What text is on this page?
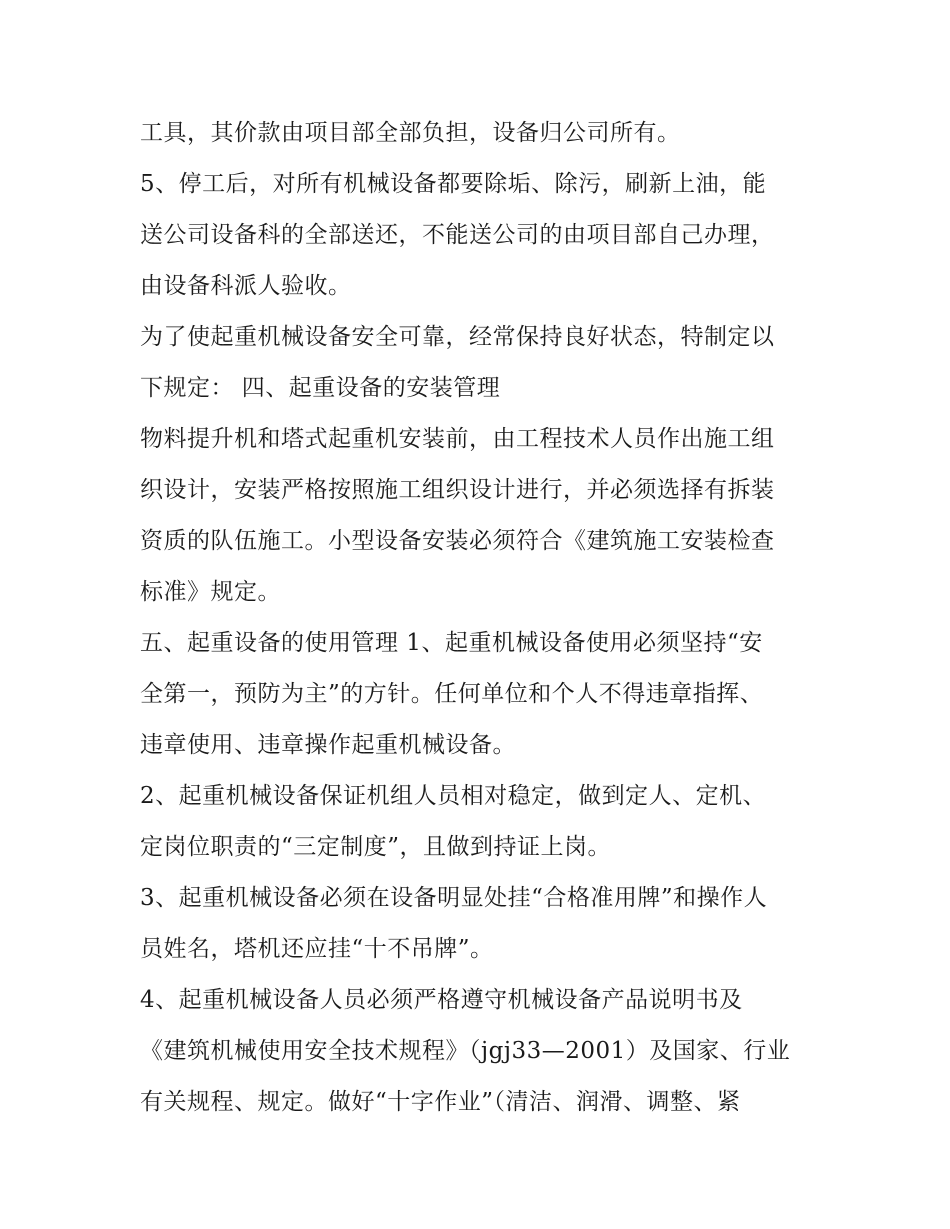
工具，其价款由项目部全部负担，设备归公司所有。
5、停工后，对所有机械设备都要除垢、除污，刷新上油，能
送公司设备科的全部送还，不能送公司的由项目部自己办理，
由设备科派人验收。
为了使起重机械设备安全可靠，经常保持良好状态，特制定以
下规定： 四、起重设备的安装管理
物料提升机和塔式起重机安装前，由工程技术人员作出施工组
织设计，安装严格按照施工组织设计进行，并必须选择有拆装
资质的队伍施工。小型设备安装必须符合《建筑施工安装检查
标准》规定。
五、起重设备的使用管理 1、起重机械设备使用必须坚持“安
全第一，预防为主”的方针。任何单位和个人不得违章指挥、
违章使用、违章操作起重机械设备。
2、起重机械设备保证机组人员相对稳定，做到定人、定机、
定岗位职责的“三定制度”，且做到持证上岗。
3、起重机械设备必须在设备明显处挂“合格准用牌”和操作人
员姓名，塔机还应挂“十不吊牌”。
4、起重机械设备人员必须严格遵守机械设备产品说明书及
《建筑机械使用安全技术规程》（jgj33—2001）及国家、行业
有关规程、规定。做好“十字作业”（清洁、润滑、调整、紧
